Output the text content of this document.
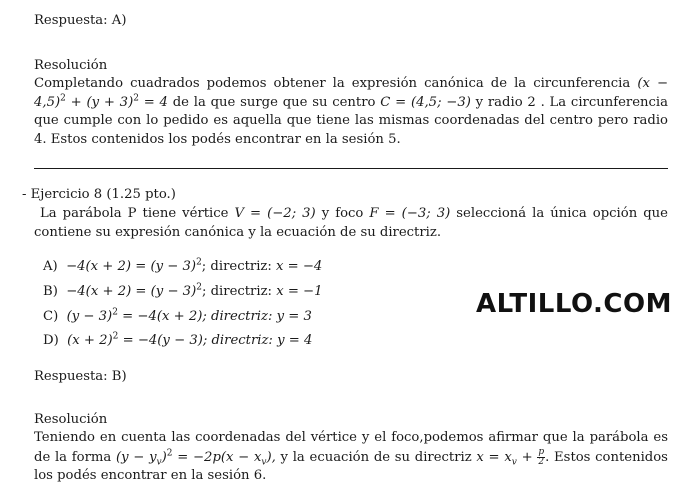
Respuesta: A)
Resolución
Completando cuadrados podemos obtener la expresión canónica de la circunferencia $(x - 4,5)^2 + (y + 3)^2 = 4$ de la que surge que su centro C = (4,5; −3) y radio 2 . La circunferencia que cumple con lo pedido es aquella que tiene las mismas coordenadas del centro pero radio 4. Estos contenidos los podés encontrar en la sesión 5.
- Ejercicio 8 (1.25 pto.)
La parábola P tiene vértice V = (−2; 3) y foco F = (−3; 3) seleccioná la única opción que contiene su expresión canónica y la ecuación de su directriz.
$A) -4(x + 2) = (y - 3)^2$; directriz: x = −4
$B) -4(x + 2) = (y - 3)^2$; directriz: x = −1
C) $(y - 3)^2 = -4(x + 2)$; directriz: y = 3
D) $(x + 2)^2 = -4(y - 3)$; directriz: y = 4
ALTILLO.COM
Respuesta: B)
Resolución
Teniendo en cuenta las coordenadas del vértice y el foco,podemos afirmar que la parábola es de la forma $(y - y_v)^2 = -2p(x - x_v)$, y la ecuación de su directriz $x = x_v + \frac{p}{2}$ . Estos contenidos los podés encontrar en la sesión 6.
